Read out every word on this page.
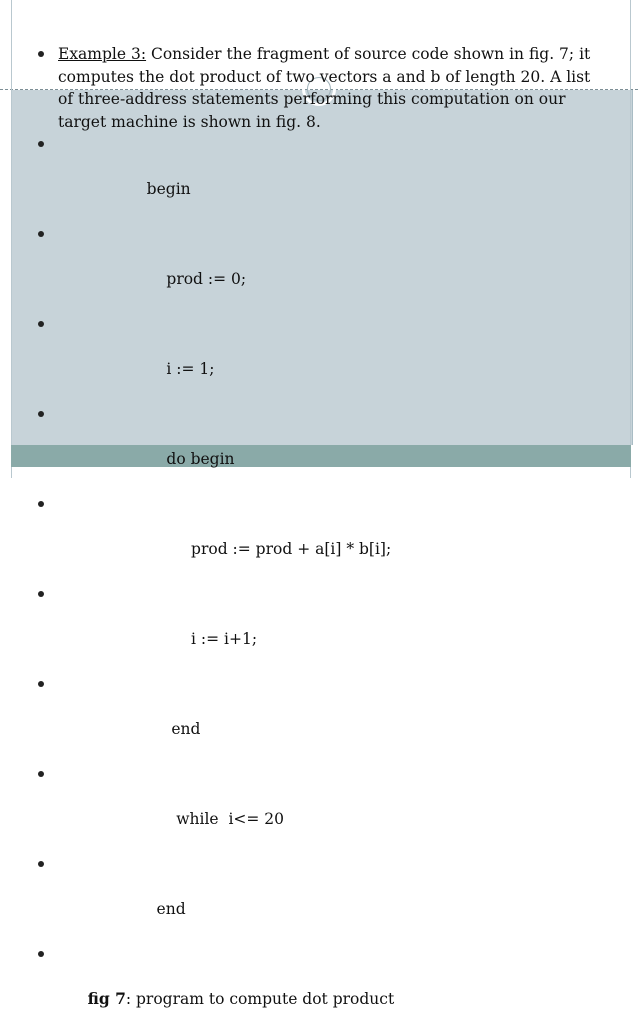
Example 3: Consider the fragment of source code shown in fig. 7; it computes the dot product of two vectors a and b of length 20. A list of three-address statements performing this computation on our target machine is shown in fig. 8.

begin

prod := 0;

i := 1;

do begin

prod := prod + a[i] * b[i];

i := i+1;

end

while  i<= 20

end

fig 7: program to compute dot product
